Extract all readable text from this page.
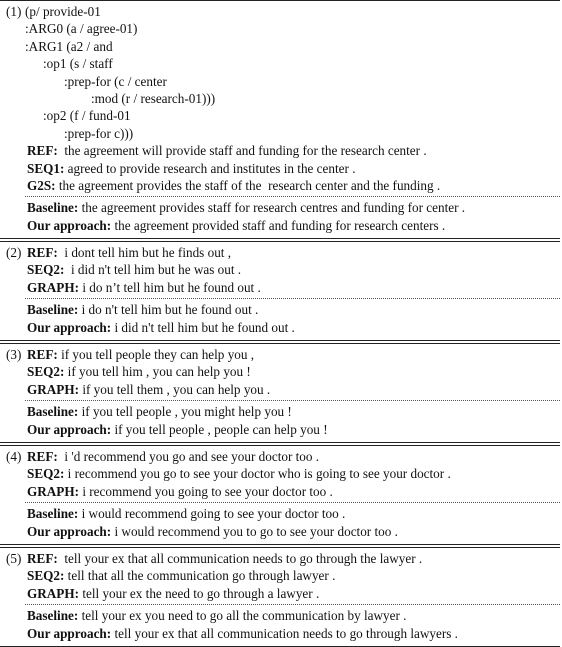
(p/ provide-01
(1)
:ARG0 (a / agree-01)
:ARG1 (a2 / and
:op1 (s / staff
:prep-for (c / center
:mod (r / research-01)))
:op2 (f / fund-01
:prep-for c)))
REF:  the agreement will provide staff and funding for the research center .
SEQ1: agreed to provide research and institutes in the center .
G2S: the agreement provides the staff of the  research center and the funding .
Baseline: the agreement provides staff for research centres and funding for center .
Our approach: the agreement provided staff and funding for research centers .
REF:  i dont tell him but he finds out ,
(2)
SEQ2:  i did n't tell him but he was out .
GRAPH: i do n’t tell him but he found out .
Baseline: i do n't tell him but he found out .
Our approach: i did n't tell him but he found out .
REF: if you tell people they can help you ,
(3)
SEQ2: if you tell him , you can help you !
GRAPH: if you tell them , you can help you .
Baseline: if you tell people , you might help you !
Our approach: if you tell people , people can help you !
REF:  i 'd recommend you go and see your doctor too .
(4)
SEQ2: i recommend you go to see your doctor who is going to see your doctor .
GRAPH: i recommend you going to see your doctor too .
Baseline: i would recommend going to see your doctor too .
Our approach: i would recommend you to go to see your doctor too .
REF:  tell your ex that all communication needs to go through the lawyer .
(5)
SEQ2: tell that all the communication go through lawyer .
GRAPH: tell your ex the need to go through a lawyer .
Baseline: tell your ex you need to go all the communication by lawyer .
Our approach: tell your ex that all communication needs to go through lawyers .
